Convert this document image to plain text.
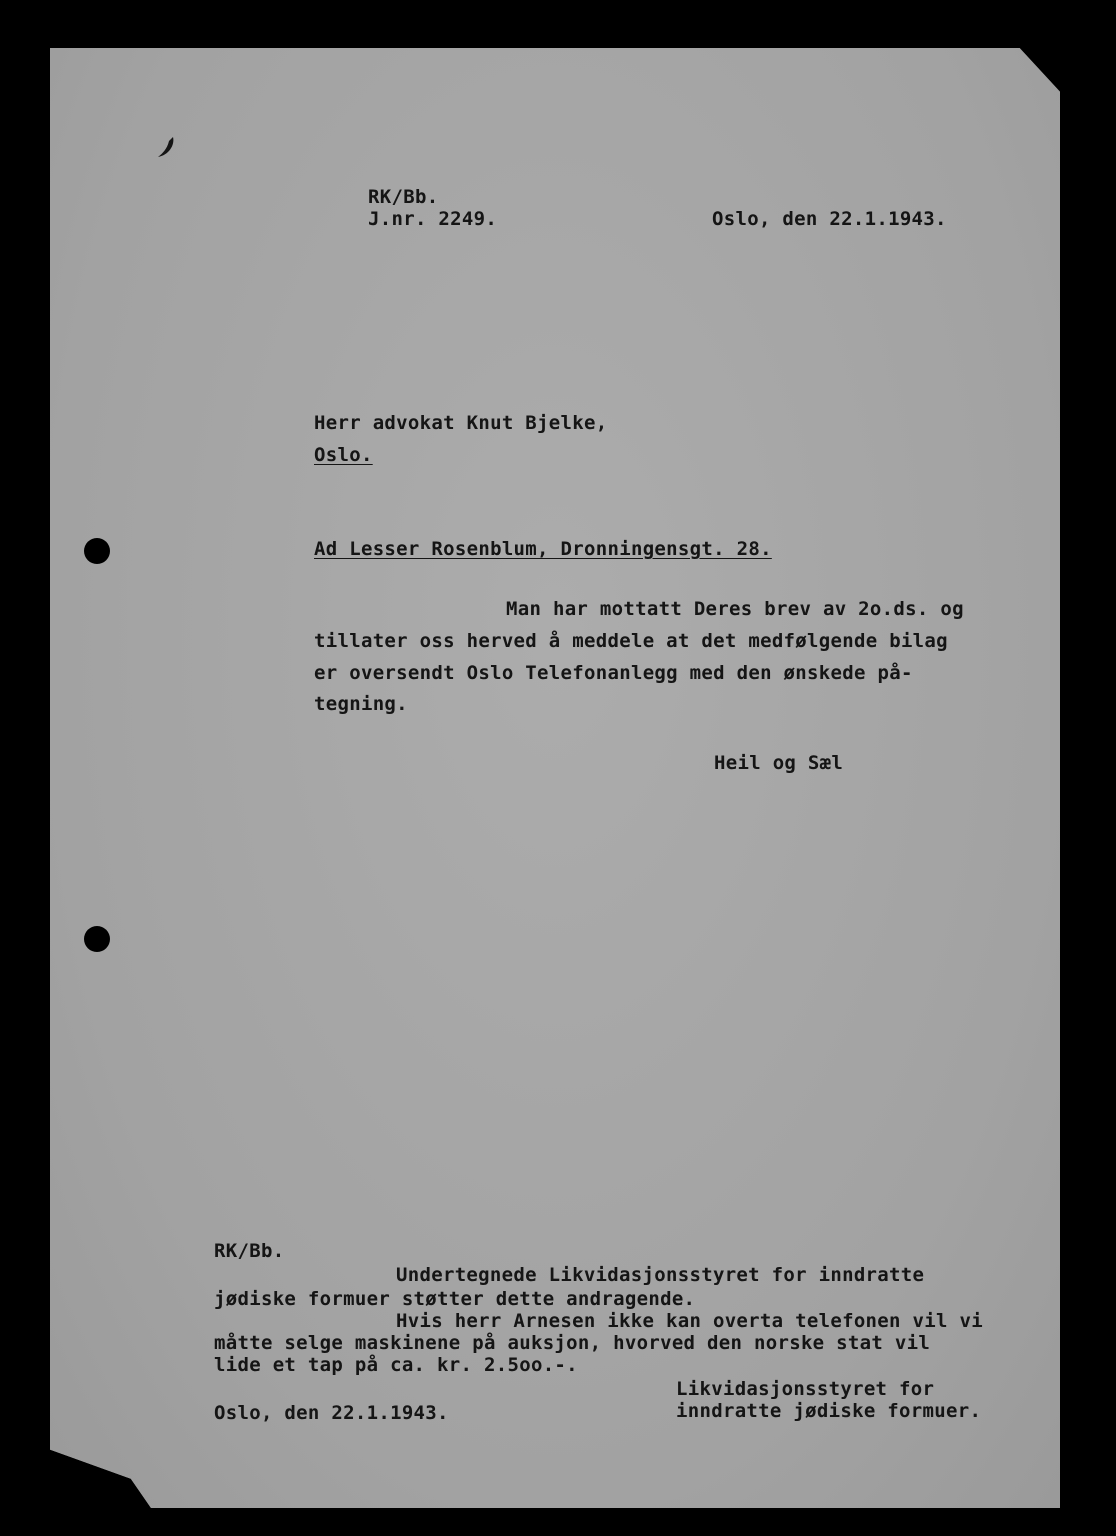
RK/Bb.
J.nr. 2249.	Oslo, den 22.1.1943.
Herr advokat Knut Bjelke,
Oslo.
Ad Lesser Rosenblum, Dronningensgt. 28.
Man har mottatt Deres brev av 2o.ds. og
tillater oss herved å meddele at det medfølgende bilag
er oversendt Oslo Telefonanlegg med den ønskede på-
tegning.
Heil og Sæl
RK/Bb.
Undertegnede Likvidasjonsstyret for inndratte
jødiske formuer støtter dette andragende.
Hvis herr Arnesen ikke kan overta telefonen vil vi
måtte selge maskinene på auksjon, hvorved den norske stat vil
lide et tap på ca. kr. 2.5oo.-.
Likvidasjonsstyret for
Oslo, den 22.1.1943.	inndratte jødiske formuer.
